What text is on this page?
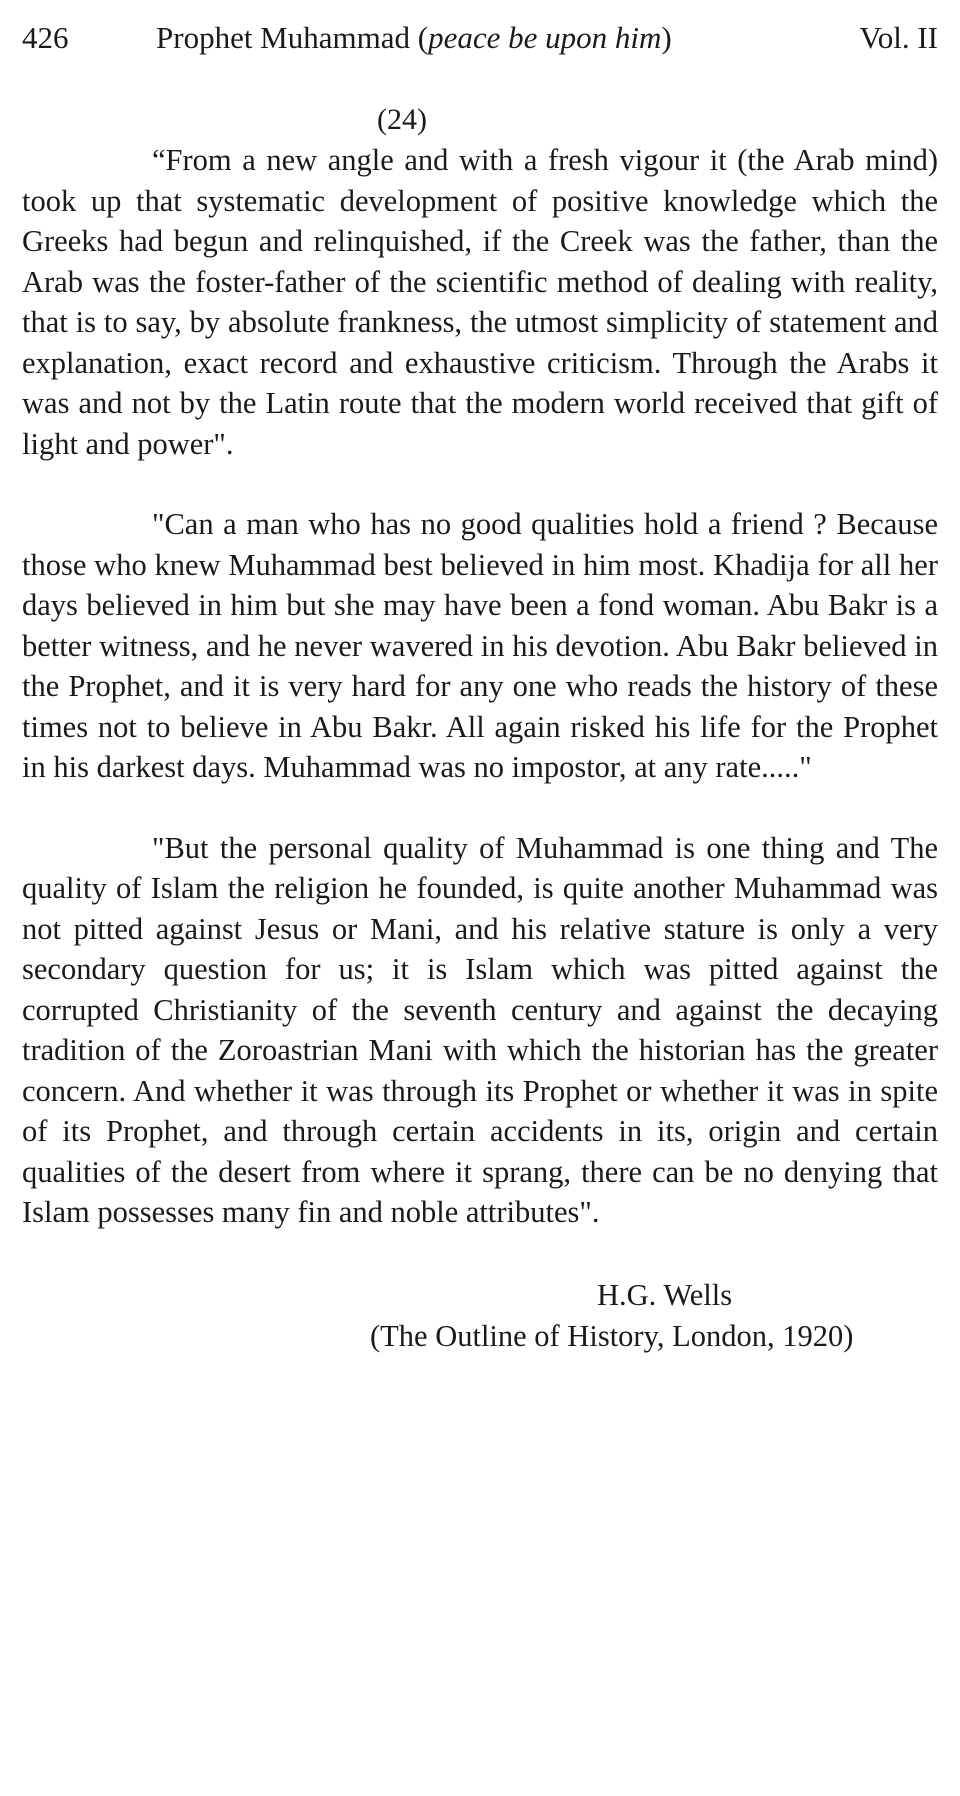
426	Prophet Muhammad (peace be upon him)	Vol. II
(24)

“From a new angle and with a fresh vigour it (the Arab mind) took up that systematic development of positive knowledge which the Greeks had begun and relinquished, if the Creek was the father, than the Arab was the foster-father of the scientific method of dealing with reality, that is to say, by absolute frankness, the utmost simplicity of statement and explanation, exact record and exhaustive criticism. Through the Arabs it was and not by the Latin route that the modern world received that gift of light and power".

"Can a man who has no good qualities hold a friend ? Because those who knew Muhammad best believed in him most. Khadija for all her days believed in him but she may have been a fond woman. Abu Bakr is a better witness, and he never wavered in his devotion. Abu Bakr believed in the Prophet, and it is very hard for any one who reads the history of these times not to believe in Abu Bakr. All again risked his life for the Prophet in his darkest days. Muhammad was no impostor, at any rate....."

"But the personal quality of Muhammad is one thing and The quality of Islam the religion he founded, is quite another Muhammad was not pitted against Jesus or Mani, and his relative stature is only a very secondary question for us; it is Islam which was pitted against the corrupted Christianity of the seventh century and against the decaying tradition of the Zoroastrian Mani with which the historian has the greater concern. And whether it was through its Prophet or whether it was in spite of its Prophet, and through certain accidents in its, origin and certain qualities of the desert from where it sprang, there can be no denying that Islam possesses many fin and noble attributes".

H.G. Wells
(The Outline of History, London, 1920)
